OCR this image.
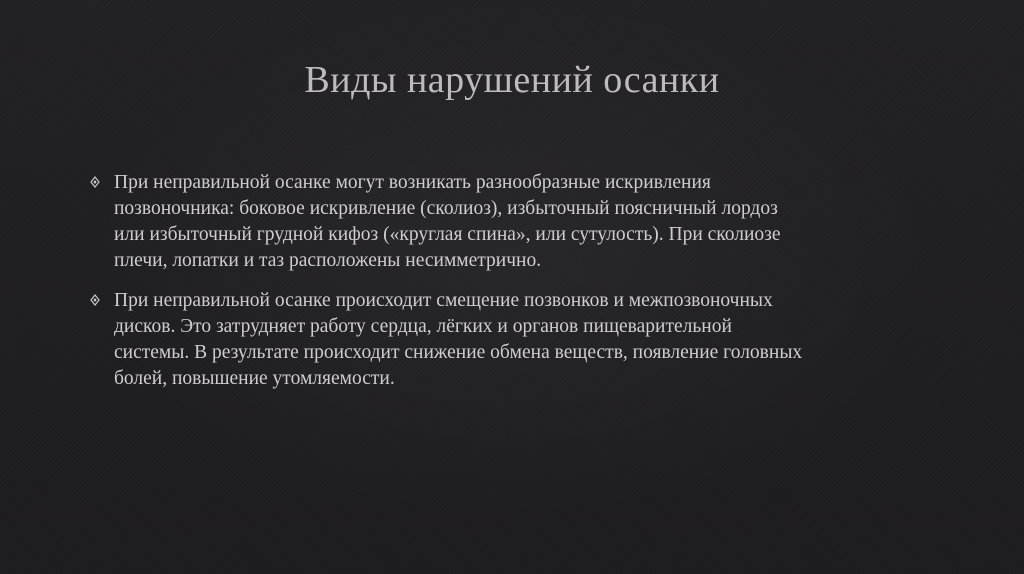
Виды нарушений осанки
При неправильной осанке могут возникать разнообразные искривления
позвоночника: боковое искривление (сколиоз), избыточный поясничный лордоз
или избыточный грудной кифоз («круглая спина», или сутулость). При сколиозе
плечи, лопатки и таз расположены несимметрично.
При неправильной осанке происходит смещение позвонков и межпозвоночных
дисков. Это затрудняет работу сердца, лёгких и органов пищеварительной
системы. В результате происходит снижение обмена веществ, появление головных
болей, повышение утомляемости.
